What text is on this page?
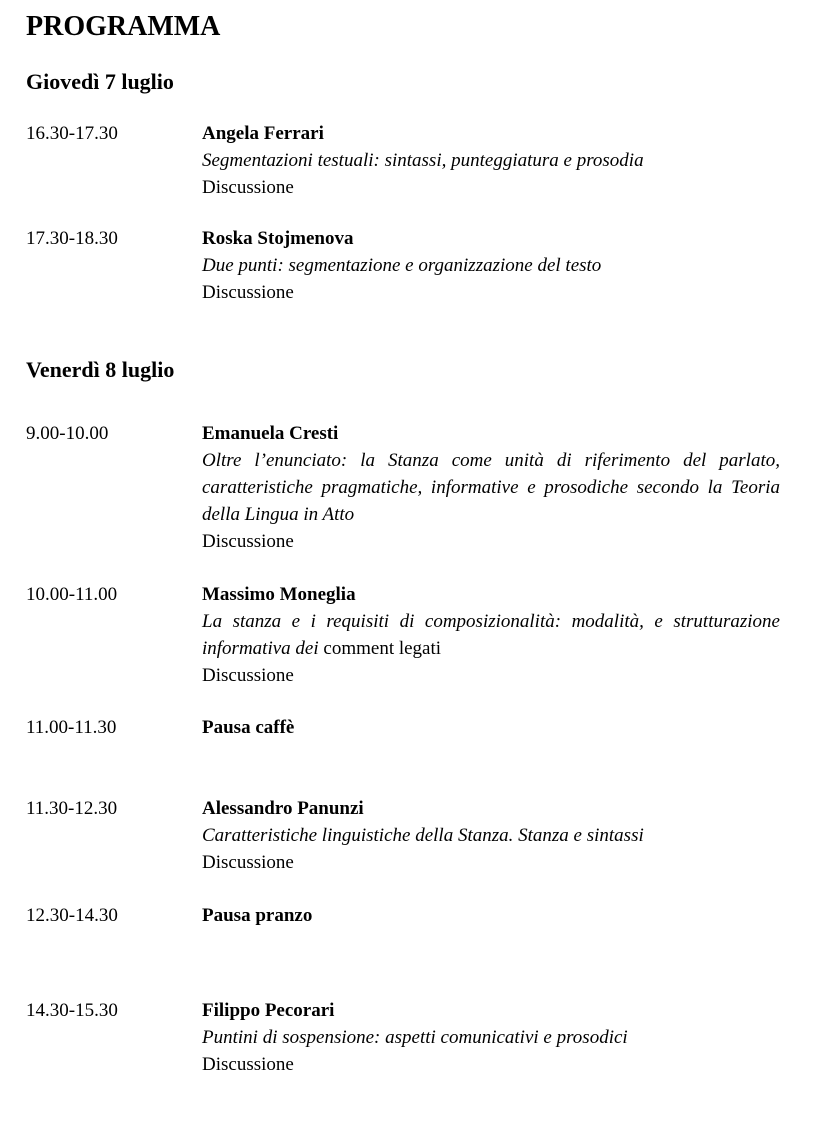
PROGRAMMA
Giovedì 7 luglio
16.30-17.30	Angela Ferrari
Segmentazioni testuali: sintassi, punteggiatura e prosodia
Discussione
17.30-18.30	Roska Stojmenova
Due punti: segmentazione e organizzazione del testo
Discussione
Venerdì 8 luglio
9.00-10.00	Emanuela Cresti
Oltre l’enunciato: la Stanza come unità di riferimento del parlato, caratteristiche pragmatiche, informative e prosodiche secondo la Teoria della Lingua in Atto
Discussione
10.00-11.00	Massimo Moneglia
La stanza e i requisiti di composizionalità: modalità, e strutturazione informativa dei comment legati
Discussione
11.00-11.30	Pausa caffè
11.30-12.30	Alessandro Panunzi
Caratteristiche linguistiche della Stanza. Stanza e sintassi
Discussione
12.30-14.30	Pausa pranzo
14.30-15.30	Filippo Pecorari
Puntini di sospensione: aspetti comunicativi e prosodici
Discussione
